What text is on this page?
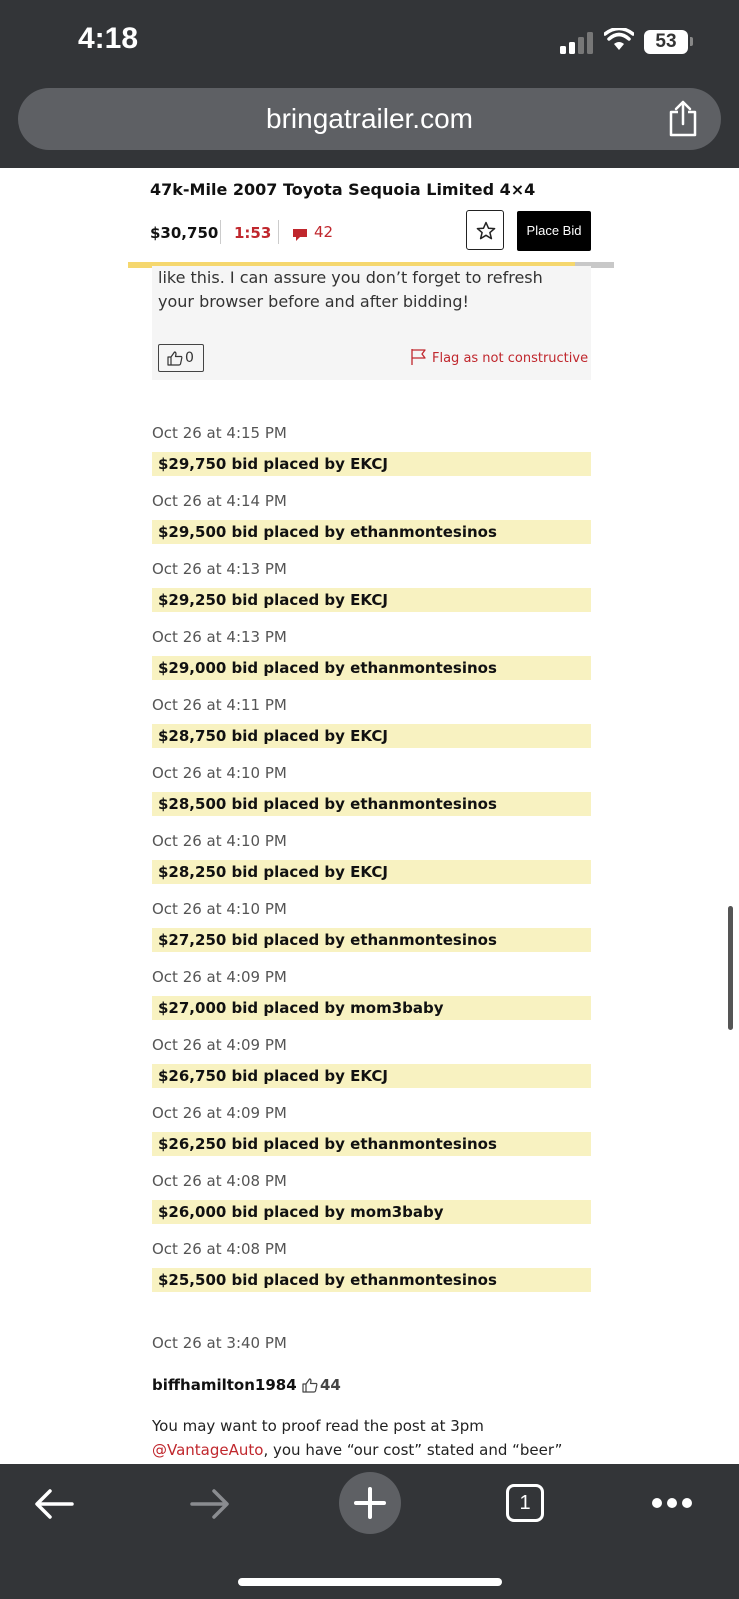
4:18	53
bringatrailer.com
47k-Mile 2007 Toyota Sequoia Limited 4×4
$30,750 1:53	42	Place Bid
like this. I can assure you don’t forget to refresh your browser before and after bidding!
0	Flag as not constructive
Oct 26 at 4:15 PM
$29,750 bid placed by EKCJ
Oct 26 at 4:14 PM
$29,500 bid placed by ethanmontesinos
Oct 26 at 4:13 PM
$29,250 bid placed by EKCJ
Oct 26 at 4:13 PM
$29,000 bid placed by ethanmontesinos
Oct 26 at 4:11 PM
$28,750 bid placed by EKCJ
Oct 26 at 4:10 PM
$28,500 bid placed by ethanmontesinos
Oct 26 at 4:10 PM
$28,250 bid placed by EKCJ
Oct 26 at 4:10 PM
$27,250 bid placed by ethanmontesinos
Oct 26 at 4:09 PM
$27,000 bid placed by mom3baby
Oct 26 at 4:09 PM
$26,750 bid placed by EKCJ
Oct 26 at 4:09 PM
$26,250 bid placed by ethanmontesinos
Oct 26 at 4:08 PM
$26,000 bid placed by mom3baby
Oct 26 at 4:08 PM
$25,500 bid placed by ethanmontesinos
Oct 26 at 3:40 PM
biffhamilton1984	44
You may want to proof read the post at 3pm @VantageAuto, you have “our cost” stated and “beer”
1
